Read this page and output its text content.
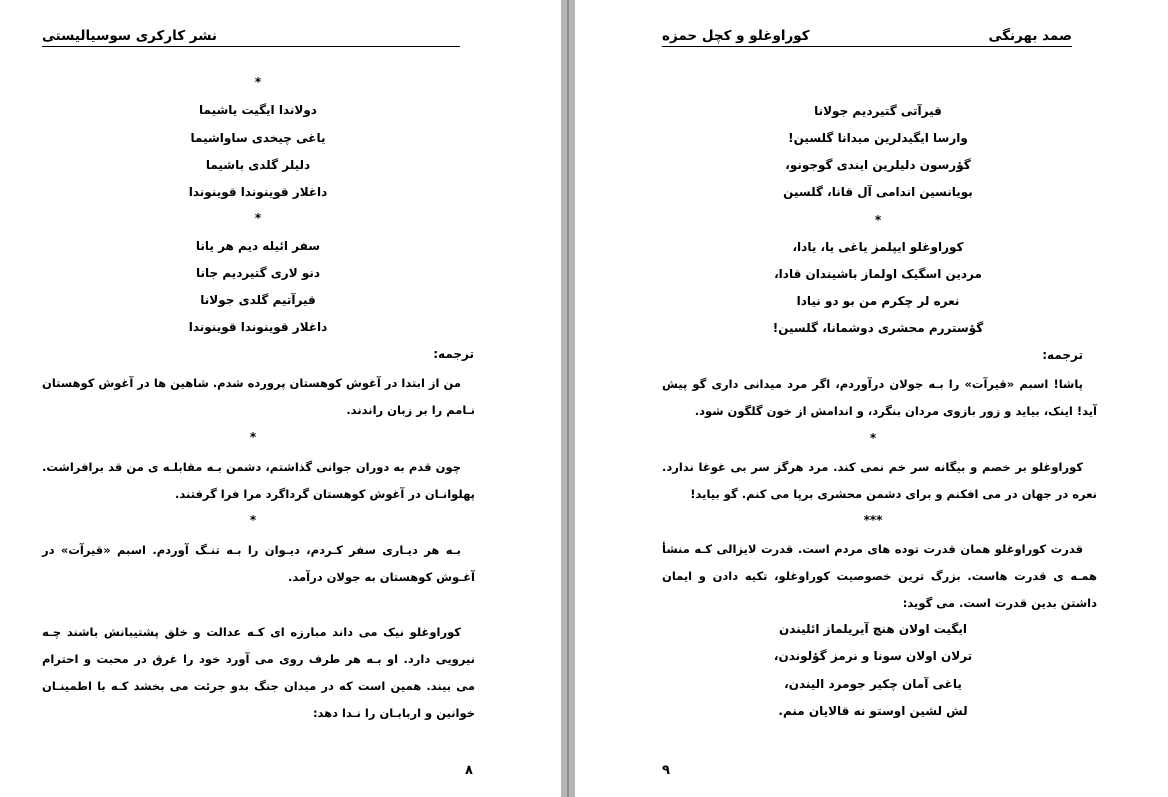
نشر کارکری سوسیالیستی
*
دولاندا ایگیت یاشیما
یاغی چیخدی ساواشیما
دلیلر گلدی باشیما
داغلار قوینوندا قوینوندا
*
سفر ائیله دیم هر یانا
دنو لاری گتیردیم جانا
قیرآتیم گلدی جولانا
داغلار قوینوندا قوینوندا
ترجمه:
من از ابتدا در آغوش کوهستان پرورده شدم. شاهین ها در آغوش کوهستان نـامم را بر زبان راندند.
*
چون قدم به دوران جوانی گذاشتم، دشمن بـه مقابلـه ی من قد برافراشت. پهلوانـان در آغوش کوهستان گرداگرد مرا فرا گرفتند.
*
بـه هر دیـاری سفر کـردم، دیـوان را بـه تنـگ آوردم. اسبم «قیرآت» در آغـوش کوهستان به جولان درآمد.
کوراوغلو نیک می داند مبارزه ای کـه عدالت و خلق پشتیبانش باشند چـه نیرویی دارد. او بـه هر طرف روی می آورد خود را غرق در محبت و احترام می بیند. همین است که در میدان جنگ بدو جرئت می بخشد کـه با اطمینـان خوانین و اربابـان را نـدا دهد:
۸
صمد بهرنگی
کوراوغلو و کچل حمزه
قیرآتی گتیردیم جولانا
وارسا ایگیدلرین میدانا گلسین!
گؤرسون دلیلرین ایندی گوجونو،
بویانسین اندامی آل قانا، گلسین
*
کوراوغلو ایپلمز یاغی یا، یادا،
مردین اسگیک اولماز باشیندان قادا،
نعره لر چکرم من بو دو نیادا
گؤستررم محشری دوشمانا، گلسین!
ترجمه:
پاشا! اسبم «قیرآت» را بـه جولان درآوردم، اگر مرد میدانی داری گو پیش آید! اینک، بیاید و زور بازوی مردان بنگرد، و اندامش از خون گلگون شود.
*
کوراوغلو بر خصم و بیگانه سر خم نمی کند. مرد هرگز سر بی غوغا ندارد. نعره در جهان در می افکنم و برای دشمن محشری برپا می کنم. گو بیاید!
***
قدرت کوراوغلو همان قدرت توده های مردم است. قدرت لایزالی کـه منشأ همـه ی قدرت هاست. بزرگ ترین خصوصیت کوراوغلو، تکیه دادن و ایمان داشتن بدین قدرت است. می گوید:
ایگیت اولان هنچ آیریلماز ائلیندن
ترلان اولان سونا و نرمز گؤلوندن،
یاغی آمان چکیر جومرد الیندن،
لش لشین اوستو نه قالایان منم.
۹
